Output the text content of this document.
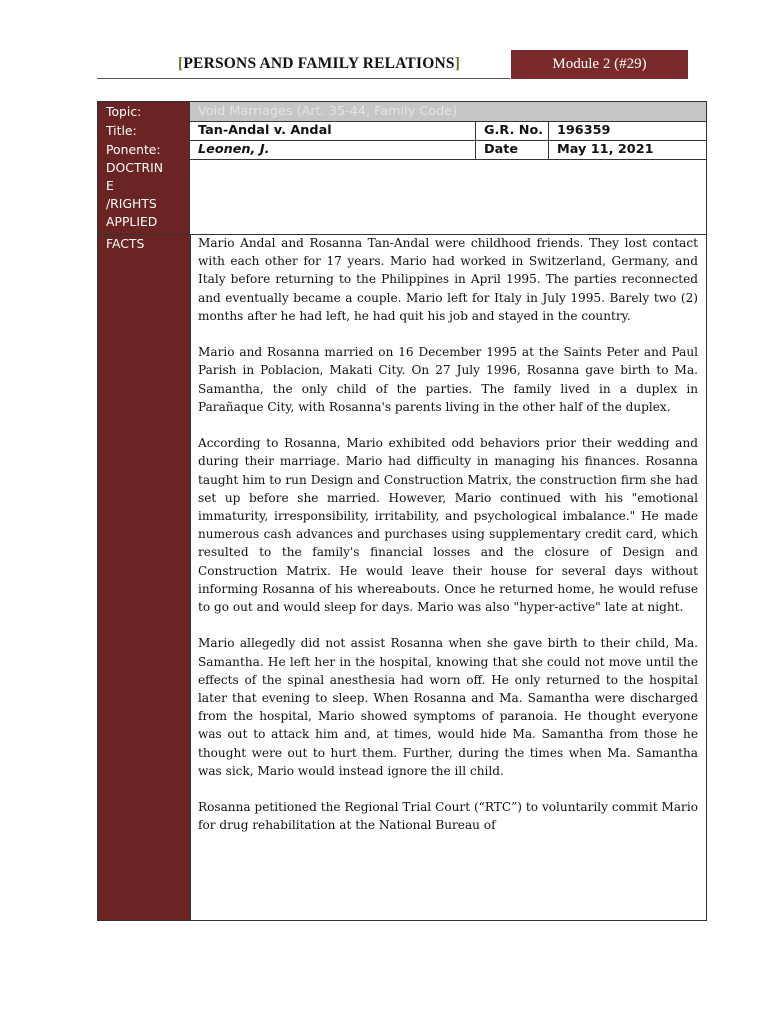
[PERSONS AND FAMILY RELATIONS]	Module 2 (#29)
Topic:	Void Marriages (Art. 35-44, Family Code)
Title:	Tan-Andal v. Andal	G.R. No.	196359
Ponente:	Leonen, J.	Date	May 11, 2021
DOCTRIN
E
/RIGHTS
APPLIED
FACTS	Mario Andal and Rosanna Tan-Andal were childhood friends. They lost contact with each other for 17 years. Mario had worked in Switzerland, Germany, and Italy before returning to the Philippines in April 1995. The parties reconnected and eventually became a couple. Mario left for Italy in July 1995. Barely two (2) months after he had left, he had quit his job and stayed in the country.

Mario and Rosanna married on 16 December 1995 at the Saints Peter and Paul Parish in Poblacion, Makati City. On 27 July 1996, Rosanna gave birth to Ma. Samantha, the only child of the parties. The family lived in a duplex in Parañaque City, with Rosanna's parents living in the other half of the duplex.

According to Rosanna, Mario exhibited odd behaviors prior their wedding and during their marriage. Mario had difficulty in managing his finances. Rosanna taught him to run Design and Construction Matrix, the construction firm she had set up before she married. However, Mario continued with his "emotional immaturity, irresponsibility, irritability, and psychological imbalance." He made numerous cash advances and purchases using supplementary credit card, which resulted to the family's financial losses and the closure of Design and Construction Matrix. He would leave their house for several days without informing Rosanna of his whereabouts. Once he returned home, he would refuse to go out and would sleep for days. Mario was also "hyper-active" late at night.

Mario allegedly did not assist Rosanna when she gave birth to their child, Ma. Samantha. He left her in the hospital, knowing that she could not move until the effects of the spinal anesthesia had worn off. He only returned to the hospital later that evening to sleep. When Rosanna and Ma. Samantha were discharged from the hospital, Mario showed symptoms of paranoia. He thought everyone was out to attack him and, at times, would hide Ma. Samantha from those he thought were out to hurt them. Further, during the times when Ma. Samantha was sick, Mario would instead ignore the ill child.

Rosanna petitioned the Regional Trial Court (“RTC”) to voluntarily commit Mario for drug rehabilitation at the National Bureau of
